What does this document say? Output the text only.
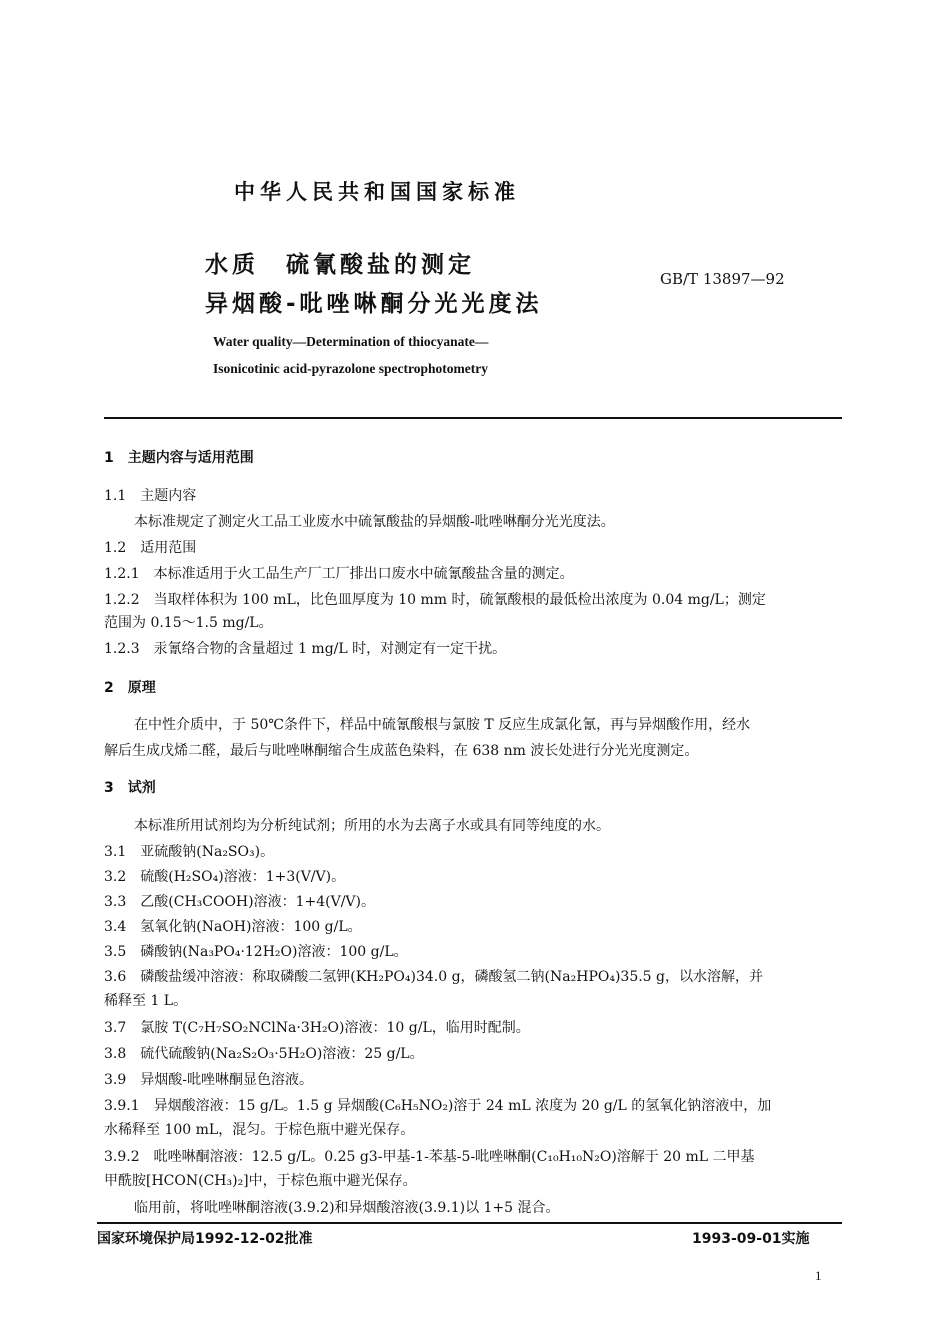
中华人民共和国国家标准
水质　硫氰酸盐的测定
异烟酸-吡唑啉酮分光光度法
GB/T 13897—92
Water quality—Determination of thiocyanate—
Isonicotinic acid-pyrazolone spectrophotometry
1　主题内容与适用范围
1.1　主题内容
本标准规定了测定火工品工业废水中硫氰酸盐的异烟酸-吡唑啉酮分光光度法。
1.2　适用范围
1.2.1　本标准适用于火工品生产厂工厂排出口废水中硫氰酸盐含量的测定。
1.2.2　当取样体积为 100 mL，比色皿厚度为 10 mm 时，硫氰酸根的最低检出浓度为 0.04 mg/L；测定
范围为 0.15～1.5 mg/L。
1.2.3　汞氰络合物的含量超过 1 mg/L 时，对测定有一定干扰。
2　原理
在中性介质中，于 50℃条件下，样品中硫氰酸根与氯胺 T 反应生成氯化氰，再与异烟酸作用，经水
解后生成戊烯二醛，最后与吡唑啉酮缩合生成蓝色染料，在 638 nm 波长处进行分光光度测定。
3　试剂
本标准所用试剂均为分析纯试剂；所用的水为去离子水或具有同等纯度的水。
3.1　亚硫酸钠(Na₂SO₃)。
3.2　硫酸(H₂SO₄)溶液：1+3(V/V)。
3.3　乙酸(CH₃COOH)溶液：1+4(V/V)。
3.4　氢氧化钠(NaOH)溶液：100 g/L。
3.5　磷酸钠(Na₃PO₄·12H₂O)溶液：100 g/L。
3.6　磷酸盐缓冲溶液：称取磷酸二氢钾(KH₂PO₄)34.0 g，磷酸氢二钠(Na₂HPO₄)35.5 g，以水溶解，并
稀释至 1 L。
3.7　氯胺 T(C₇H₇SO₂NClNa·3H₂O)溶液：10 g/L，临用时配制。
3.8　硫代硫酸钠(Na₂S₂O₃·5H₂O)溶液：25 g/L。
3.9　异烟酸-吡唑啉酮显色溶液。
3.9.1　异烟酸溶液：15 g/L。1.5 g 异烟酸(C₆H₅NO₂)溶于 24 mL 浓度为 20 g/L 的氢氧化钠溶液中，加
水稀释至 100 mL，混匀。于棕色瓶中避光保存。
3.9.2　吡唑啉酮溶液：12.5 g/L。0.25 g3-甲基-1-苯基-5-吡唑啉酮(C₁₀H₁₀N₂O)溶解于 20 mL 二甲基
甲酰胺[HCON(CH₃)₂]中，于棕色瓶中避光保存。
临用前，将吡唑啉酮溶液(3.9.2)和异烟酸溶液(3.9.1)以 1+5 混合。
国家环境保护局1992-12-02批准	1993-09-01实施
1
